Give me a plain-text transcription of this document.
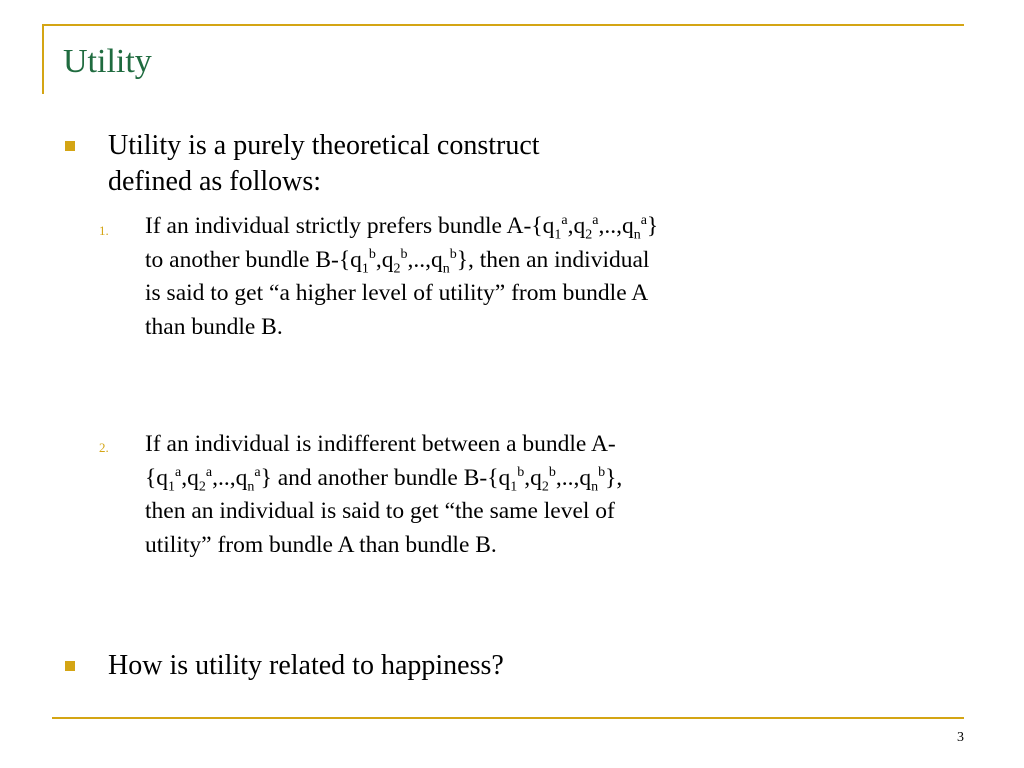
Utility
Utility is a purely theoretical construct defined as follows:
1. If an individual strictly prefers bundle $A-\{q_1^a,q_2^a,..,q_n^a\}$ to another bundle $B-\{q_1^b,q_2^b,..,q_n^b\}$, then an individual is said to get “a higher level of utility” from bundle A than bundle B.
2. If an individual is indifferent between a bundle $A-\{q_1^a,q_2^a,..,q_n^a\}$ and another bundle $B-\{q_1^b,q_2^b,..,q_n^b\}$, then an individual is said to get “the same level of utility” from bundle A than bundle B.
How is utility related to happiness?
3
